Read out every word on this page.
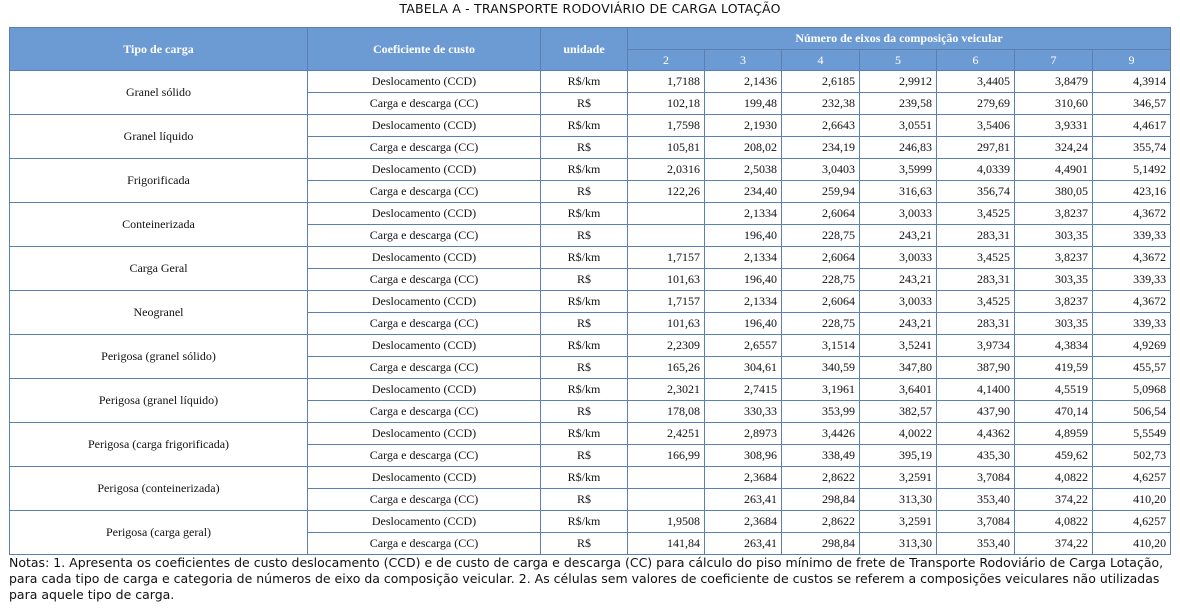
TABELA A - TRANSPORTE RODOVIÁRIO DE CARGA LOTAÇÃO
Tipo de carga	Coeficiente de custo	unidade	Número de eixos da composição veicular						
			2	3	4	5	6	7	9
Granel sólido	Deslocamento (CCD)	R$/km	1,7188	2,1436	2,6185	2,9912	3,4405	3,8479	4,3914
	Carga e descarga (CC)	R$	102,18	199,48	232,38	239,58	279,69	310,60	346,57
Granel líquido	Deslocamento (CCD)	R$/km	1,7598	2,1930	2,6643	3,0551	3,5406	3,9331	4,4617
	Carga e descarga (CC)	R$	105,81	208,02	234,19	246,83	297,81	324,24	355,74
Frigorificada	Deslocamento (CCD)	R$/km	2,0316	2,5038	3,0403	3,5999	4,0339	4,4901	5,1492
	Carga e descarga (CC)	R$	122,26	234,40	259,94	316,63	356,74	380,05	423,16
Conteinerizada	Deslocamento (CCD)	R$/km		2,1334	2,6064	3,0033	3,4525	3,8237	4,3672
	Carga e descarga (CC)	R$		196,40	228,75	243,21	283,31	303,35	339,33
Carga Geral	Deslocamento (CCD)	R$/km	1,7157	2,1334	2,6064	3,0033	3,4525	3,8237	4,3672
	Carga e descarga (CC)	R$	101,63	196,40	228,75	243,21	283,31	303,35	339,33
Neogranel	Deslocamento (CCD)	R$/km	1,7157	2,1334	2,6064	3,0033	3,4525	3,8237	4,3672
	Carga e descarga (CC)	R$	101,63	196,40	228,75	243,21	283,31	303,35	339,33
Perigosa (granel sólido)	Deslocamento (CCD)	R$/km	2,2309	2,6557	3,1514	3,5241	3,9734	4,3834	4,9269
	Carga e descarga (CC)	R$	165,26	304,61	340,59	347,80	387,90	419,59	455,57
Perigosa (granel líquido)	Deslocamento (CCD)	R$/km	2,3021	2,7415	3,1961	3,6401	4,1400	4,5519	5,0968
	Carga e descarga (CC)	R$	178,08	330,33	353,99	382,57	437,90	470,14	506,54
Perigosa (carga frigorificada)	Deslocamento (CCD)	R$/km	2,4251	2,8973	3,4426	4,0022	4,4362	4,8959	5,5549
	Carga e descarga (CC)	R$	166,99	308,96	338,49	395,19	435,30	459,62	502,73
Perigosa (conteinerizada)	Deslocamento (CCD)	R$/km		2,3684	2,8622	3,2591	3,7084	4,0822	4,6257
	Carga e descarga (CC)	R$		263,41	298,84	313,30	353,40	374,22	410,20
Perigosa (carga geral)	Deslocamento (CCD)	R$/km	1,9508	2,3684	2,8622	3,2591	3,7084	4,0822	4,6257
	Carga e descarga (CC)	R$	141,84	263,41	298,84	313,30	353,40	374,22	410,20
Notas: 1. Apresenta os coeficientes de custo deslocamento (CCD) e de custo de carga e descarga (CC) para cálculo do piso mínimo de frete de Transporte Rodoviário de Carga Lotação, para cada tipo de carga e categoria de números de eixo da composição veicular. 2. As células sem valores de coeficiente de custos se referem a composições veiculares não utilizadas para aquele tipo de carga.
